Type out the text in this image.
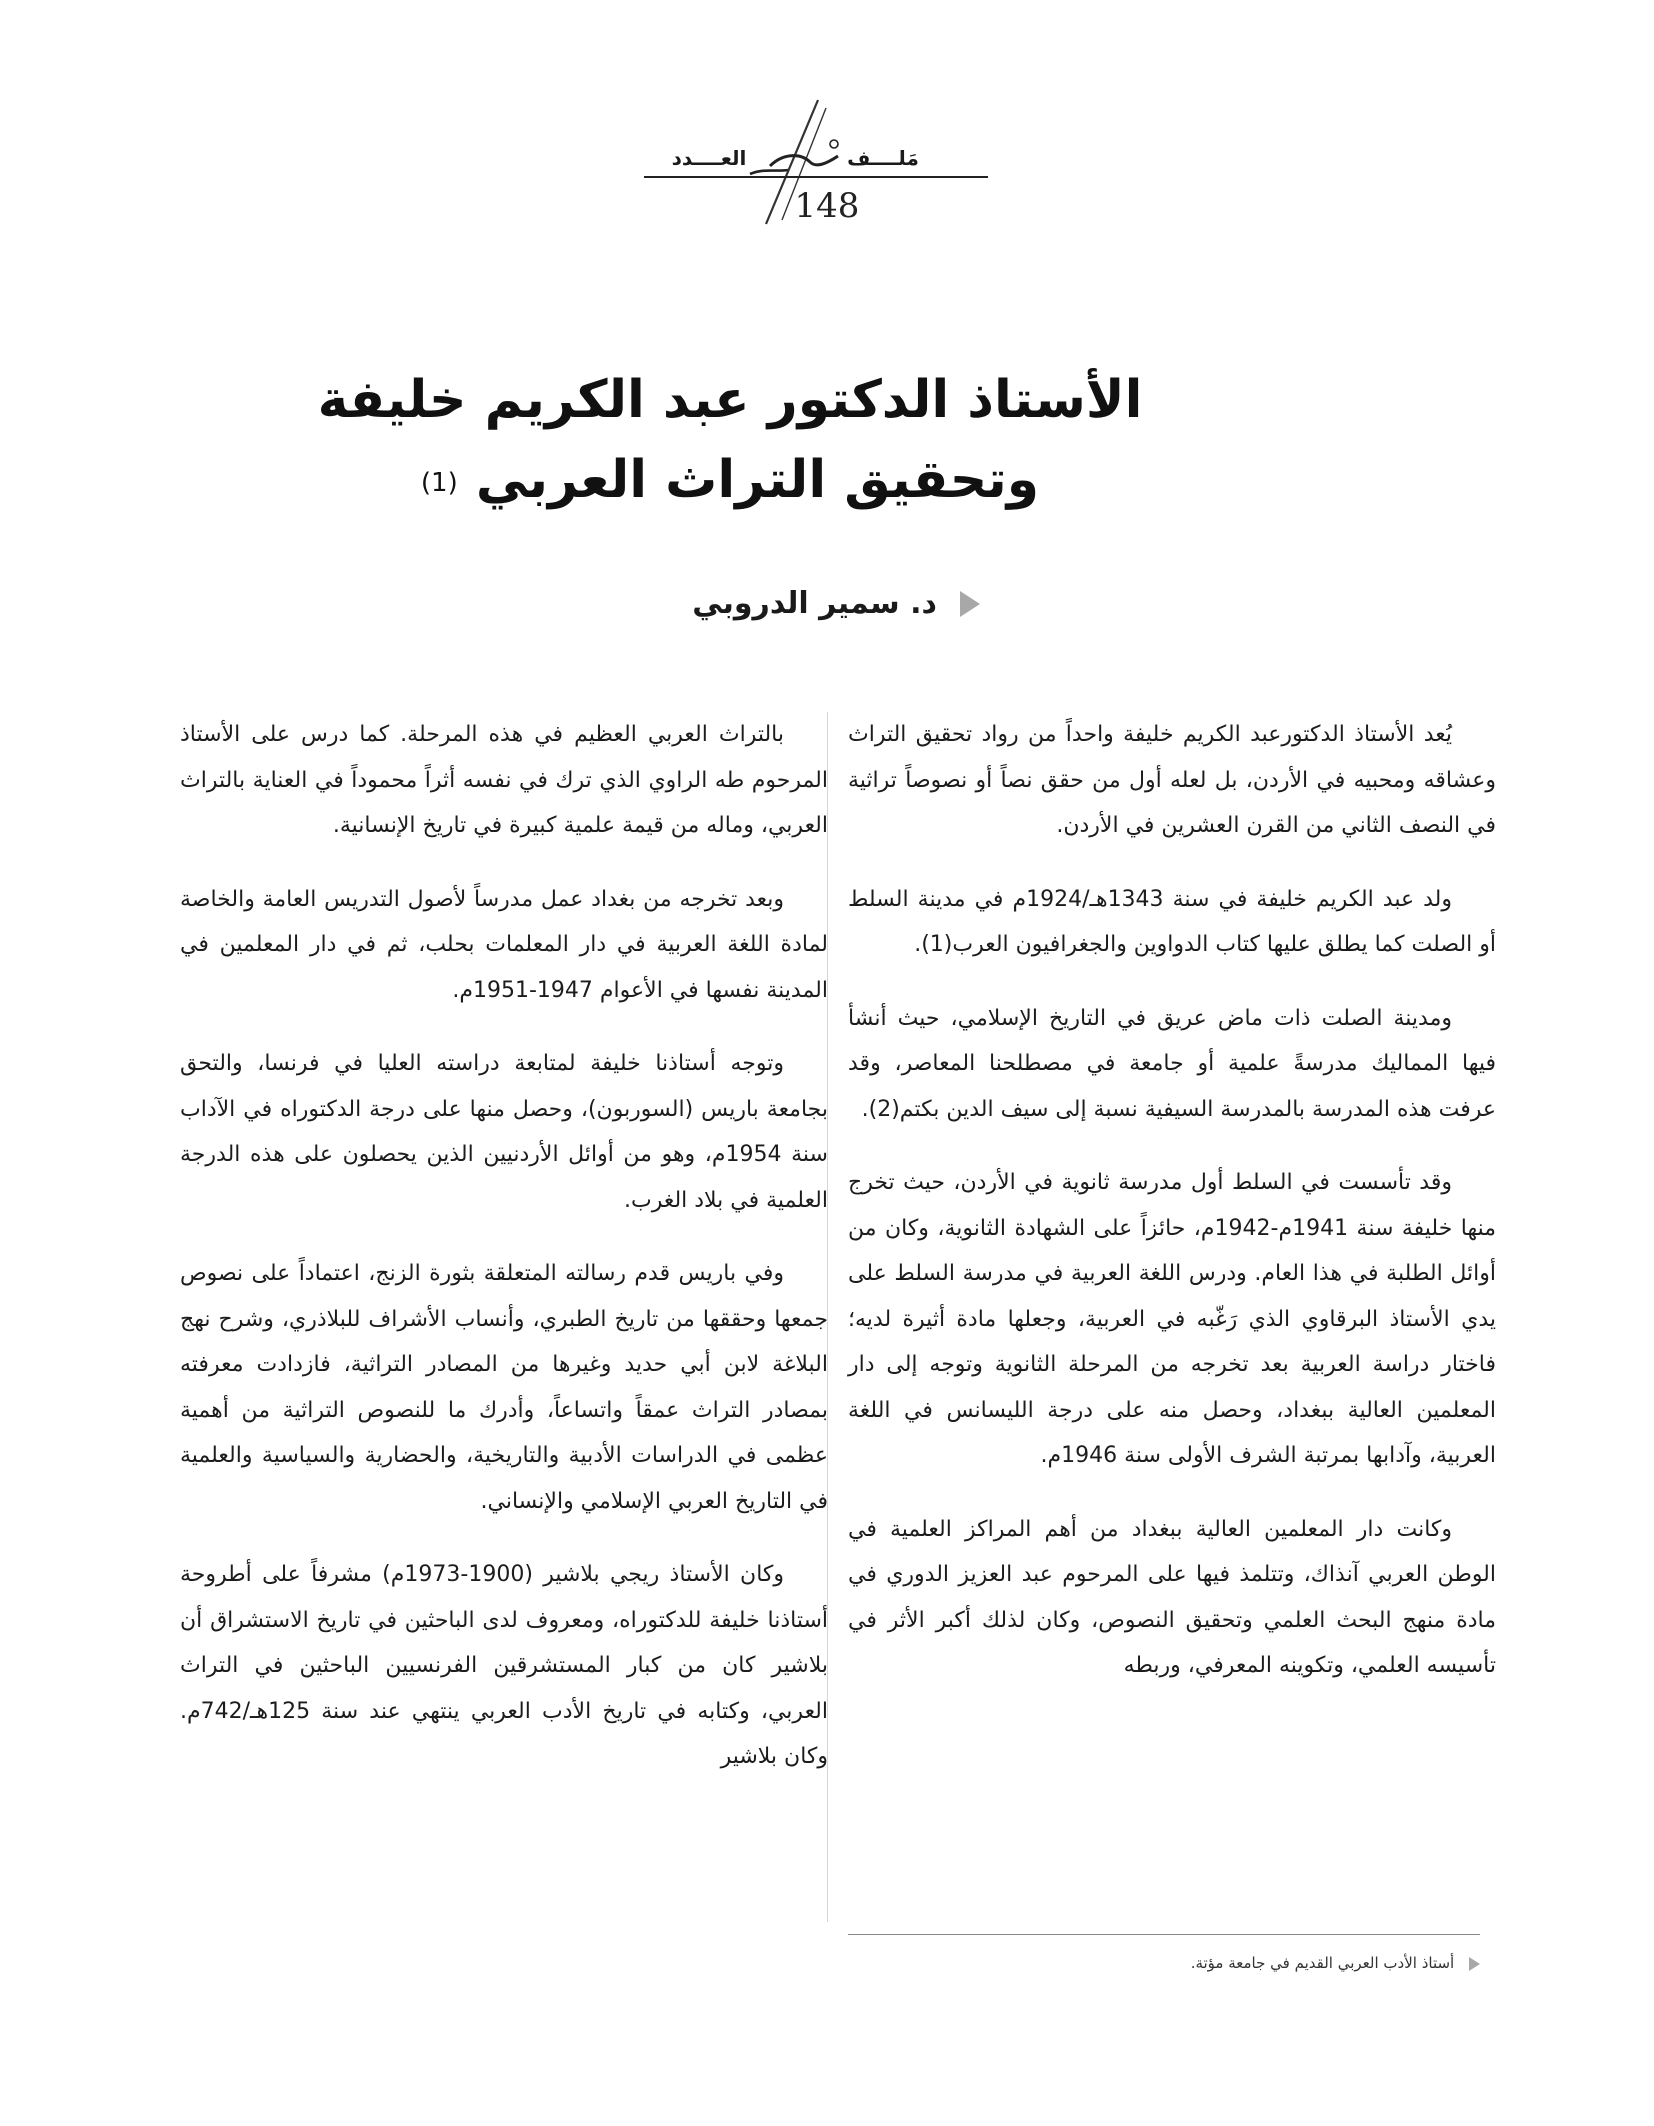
مَلــــف
العــــدد
148
الأستاذ الدكتور عبد الكريم خليفة
وتحقيق التراث العربي (1)
د. سمير الدروبي

يُعد الأستاذ الدكتورعبد الكريم خليفة واحداً من رواد تحقيق التراث وعشاقه ومحبيه في الأردن، بل لعله أول من حقق نصاً أو نصوصاً تراثية في النصف الثاني من القرن العشرين في الأردن.

ولد عبد الكريم خليفة في سنة 1343هـ/1924م في مدينة السلط أو الصلت كما يطلق عليها كتاب الدواوين والجغرافيون العرب(1).

ومدينة الصلت ذات ماض عريق في التاريخ الإسلامي، حيث أنشأ فيها المماليك مدرسةً علمية أو جامعة في مصطلحنا المعاصر، وقد عرفت هذه المدرسة بالمدرسة السيفية نسبة إلى سيف الدين بكتم(2).

وقد تأسست في السلط أول مدرسة ثانوية في الأردن، حيث تخرج منها خليفة سنة 1941م-1942م، حائزاً على الشهادة الثانوية، وكان من أوائل الطلبة في هذا العام. ودرس اللغة العربية في مدرسة السلط على يدي الأستاذ البرقاوي الذي رَغّبه في العربية، وجعلها مادة أثيرة لديه؛ فاختار دراسة العربية بعد تخرجه من المرحلة الثانوية وتوجه إلى دار المعلمين العالية ببغداد، وحصل منه على درجة الليسانس في اللغة العربية، وآدابها بمرتبة الشرف الأولى سنة 1946م.

وكانت دار المعلمين العالية ببغداد من أهم المراكز العلمية في الوطن العربي آنذاك، وتتلمذ فيها على المرحوم عبد العزيز الدوري في مادة منهج البحث العلمي وتحقيق النصوص، وكان لذلك أكبر الأثر في تأسيسه العلمي، وتكوينه المعرفي، وربطه

بالتراث العربي العظيم في هذه المرحلة. كما درس على الأستاذ المرحوم طه الراوي الذي ترك في نفسه أثراً محموداً في العناية بالتراث العربي، وماله من قيمة علمية كبيرة في تاريخ الإنسانية.

وبعد تخرجه من بغداد عمل مدرساً لأصول التدريس العامة والخاصة لمادة اللغة العربية في دار المعلمات بحلب، ثم في دار المعلمين في المدينة نفسها في الأعوام 1947-1951م.

وتوجه أستاذنا خليفة لمتابعة دراسته العليا في فرنسا، والتحق بجامعة باريس (السوربون)، وحصل منها على درجة الدكتوراه في الآداب سنة 1954م، وهو من أوائل الأردنيين الذين يحصلون على هذه الدرجة العلمية في بلاد الغرب.

وفي باريس قدم رسالته المتعلقة بثورة الزنج، اعتماداً على نصوص جمعها وحققها من تاريخ الطبري، وأنساب الأشراف للبلاذري، وشرح نهج البلاغة لابن أبي حديد وغيرها من المصادر التراثية، فازدادت معرفته بمصادر التراث عمقاً واتساعاً، وأدرك ما للنصوص التراثية من أهمية عظمى في الدراسات الأدبية والتاريخية، والحضارية والسياسية والعلمية في التاريخ العربي الإسلامي والإنساني.

وكان الأستاذ ريجي بلاشير (1900-1973م) مشرفاً على أطروحة أستاذنا خليفة للدكتوراه، ومعروف لدى الباحثين في تاريخ الاستشراق أن بلاشير كان من كبار المستشرقين الفرنسيين الباحثين في التراث العربي، وكتابه في تاريخ الأدب العربي ينتهي عند سنة 125هـ/742م. وكان بلاشير

أستاذ الأدب العربي القديم في جامعة مؤتة.
